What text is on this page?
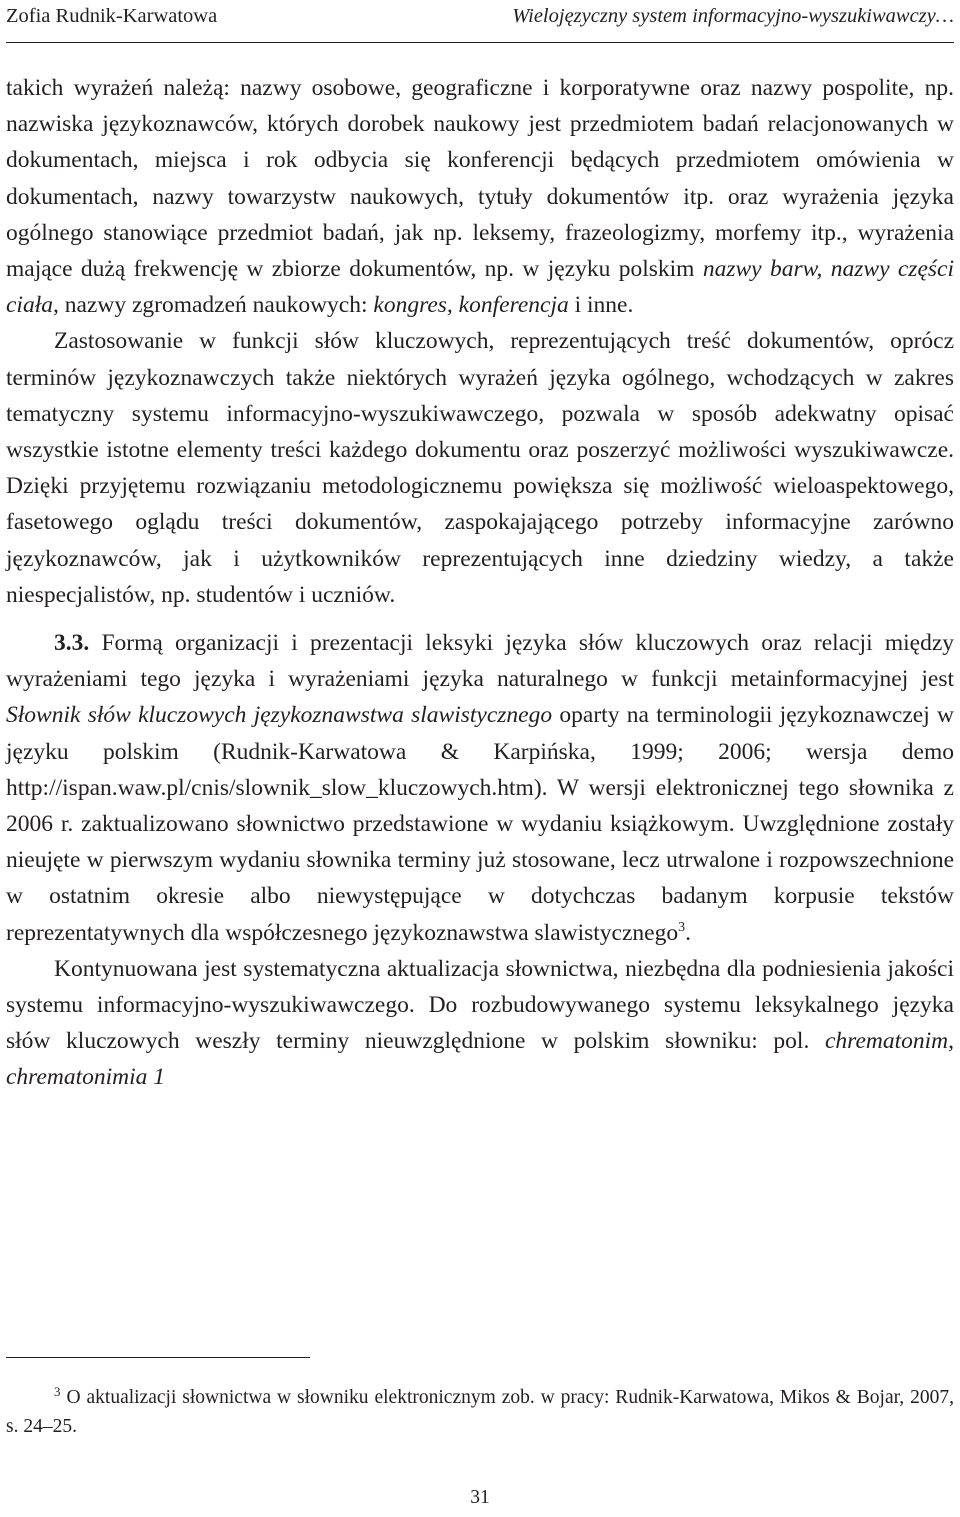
Zofia Rudnik-Karwatowa	Wielojęzyczny system informacyjno-wyszukiwawczy…

takich wyrażeń należą: nazwy osobowe, geograficzne i korporatywne oraz nazwy pospolite, np. nazwiska językoznawców, których dorobek naukowy jest przedmiotem badań relacjonowanych w dokumentach, miejsca i rok odbycia się konferencji będących przedmiotem omówienia w dokumentach, nazwy towarzystw naukowych, tytuły dokumentów itp. oraz wyrażenia języka ogólnego stanowiące przedmiot badań, jak np. leksemy, frazeologizmy, morfemy itp., wyrażenia mające dużą frekwencję w zbiorze dokumentów, np. w języku polskim nazwy barw, nazwy części ciała, nazwy zgromadzeń naukowych: kongres, konferencja i inne.

Zastosowanie w funkcji słów kluczowych, reprezentujących treść dokumentów, oprócz terminów językoznawczych także niektórych wyrażeń języka ogólnego, wchodzących w zakres tematyczny systemu informacyjno-wyszukiwawczego, pozwala w sposób adekwatny opisać wszystkie istotne elementy treści każdego dokumentu oraz poszerzyć możliwości wyszukiwawcze. Dzięki przyjętemu rozwiązaniu metodologicznemu powiększa się możliwość wieloaspektowego, fasetowego oglądu treści dokumentów, zaspokajającego potrzeby informacyjne zarówno językoznawców, jak i użytkowników reprezentujących inne dziedziny wiedzy, a także niespecjalistów, np. studentów i uczniów.

3.3. Formą organizacji i prezentacji leksyki języka słów kluczowych oraz relacji między wyrażeniami tego języka i wyrażeniami języka naturalnego w funkcji metainformacyjnej jest Słownik słów kluczowych językoznawstwa slawistycznego oparty na terminologii językoznawczej w języku polskim (Rudnik-Karwatowa & Karpińska, 1999; 2006; wersja demo http://ispan.waw.pl/cnis/slownik_slow_kluczowych.htm). W wersji elektronicznej tego słownika z 2006 r. zaktualizowano słownictwo przedstawione w wydaniu książkowym. Uwzględnione zostały nieujęte w pierwszym wydaniu słownika terminy już stosowane, lecz utrwalone i rozpowszechnione w ostatnim okresie albo niewystępujące w dotychczas badanym korpusie tekstów reprezentatywnych dla współczesnego językoznawstwa slawistycznego$^3$.

Kontynuowana jest systematyczna aktualizacja słownictwa, niezbędna dla podniesienia jakości systemu informacyjno-wyszukiwawczego. Do rozbudowywanego systemu leksykalnego języka słów kluczowych weszły terminy nieuwzględnione w polskim słowniku: pol. chrematonim, chrematonimia 1

$^3$ O aktualizacji słownictwa w słowniku elektronicznym zob. w pracy: Rudnik-Karwatowa, Mikos & Bojar, 2007, s. 24–25.

31
